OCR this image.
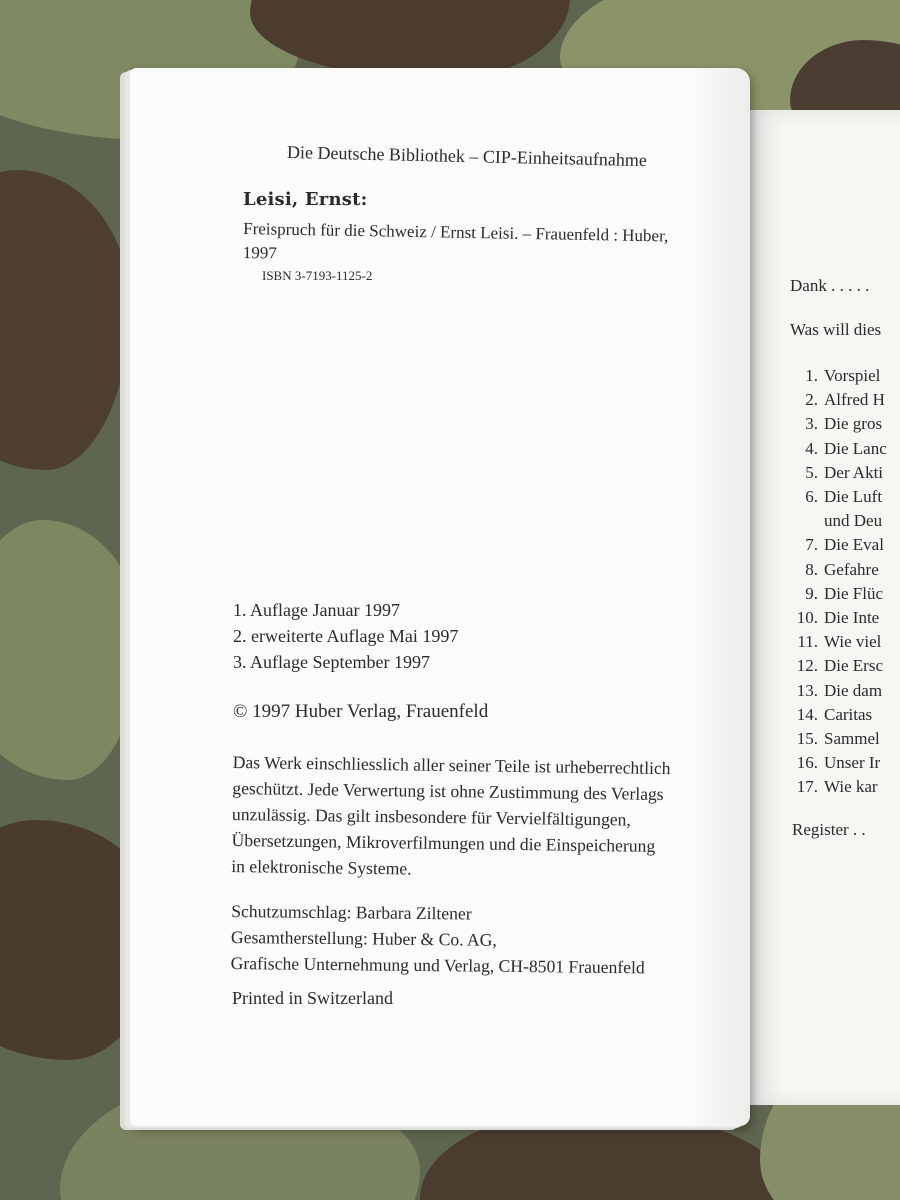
Die Deutsche Bibliothek – CIP-Einheitsaufnahme
Leisi, Ernst:
Freispruch für die Schweiz / Ernst Leisi. – Frauenfeld : Huber,
1997
ISBN 3-7193-1125-2
1. Auflage Januar 1997
2. erweiterte Auflage Mai 1997
3. Auflage September 1997
© 1997 Huber Verlag, Frauenfeld
Das Werk einschliesslich aller seiner Teile ist urheberrechtlich
geschützt. Jede Verwertung ist ohne Zustimmung des Verlags
unzulässig. Das gilt insbesondere für Vervielfältigungen,
Übersetzungen, Mikroverfilmungen und die Einspeicherung
in elektronische Systeme.
Schutzumschlag: Barbara Ziltener
Gesamtherstellung: Huber & Co. AG,
Grafische Unternehmung und Verlag, CH-8501 Frauenfeld
Printed in Switzerland
Dank . . . . .
Was will dies
1. Vorspiel
2. Alfred H
3. Die gros
4. Die Lanc
5. Der Akti
6. Die Luft
und Deu
7. Die Eval
8. Gefahre
9. Die Flüc
10. Die Inte
11. Wie viel
12. Die Ersc
13. Die dam
14. Caritas
15. Sammel
16. Unser Ir
17. Wie kar
Register . .
